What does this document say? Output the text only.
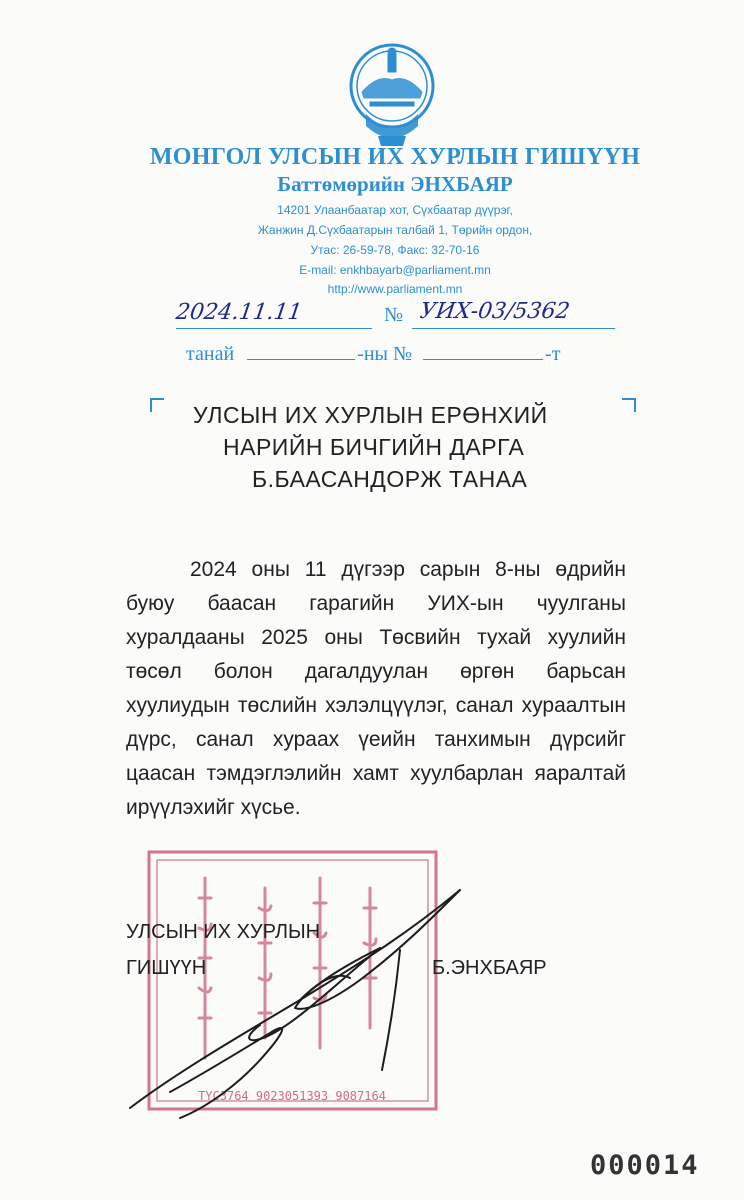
МОНГОЛ УЛСЫН ИХ ХУРЛЫН ГИШҮҮН
Баттөмөрийн ЭНХБАЯР
14201 Улаанбаатар хот, Сүхбаатар дүүрэг,
Жанжин Д.Сүхбаатарын талбай 1, Төрийн ордон,
Утас: 26-59-78, Факс: 32-70-16
E-mail: enkhbayarb@parliament.mn
http://www.parliament.mn
2024.11.11	№ УИХ-03/5362
танай	-ны №	-т
УЛСЫН ИХ ХУРЛЫН ЕРӨНХИЙ
НАРИЙН БИЧГИЙН ДАРГА
Б.БААСАНДОРЖ ТАНАА

2024 оны 11 дүгээр сарын 8-ны өдрийн буюу баасан гарагийн УИХ-ын чуулганы хуралдааны 2025 оны Төсвийн тухай хуулийн төсөл болон дагалдуулан өргөн барьсан хуулиудын төслийн хэлэлцүүлэг, санал хураалтын дүрс, санал хураах үеийн танхимын дүрсийг цаасан тэмдэглэлийн хамт хуулбарлан яаралтай ирүүлэхийг хүсье.

ТҮС3764 9023051393 9087164
УЛСЫН ИХ ХУРЛЫН
ГИШҮҮН	Б.ЭНХБАЯР
000014
